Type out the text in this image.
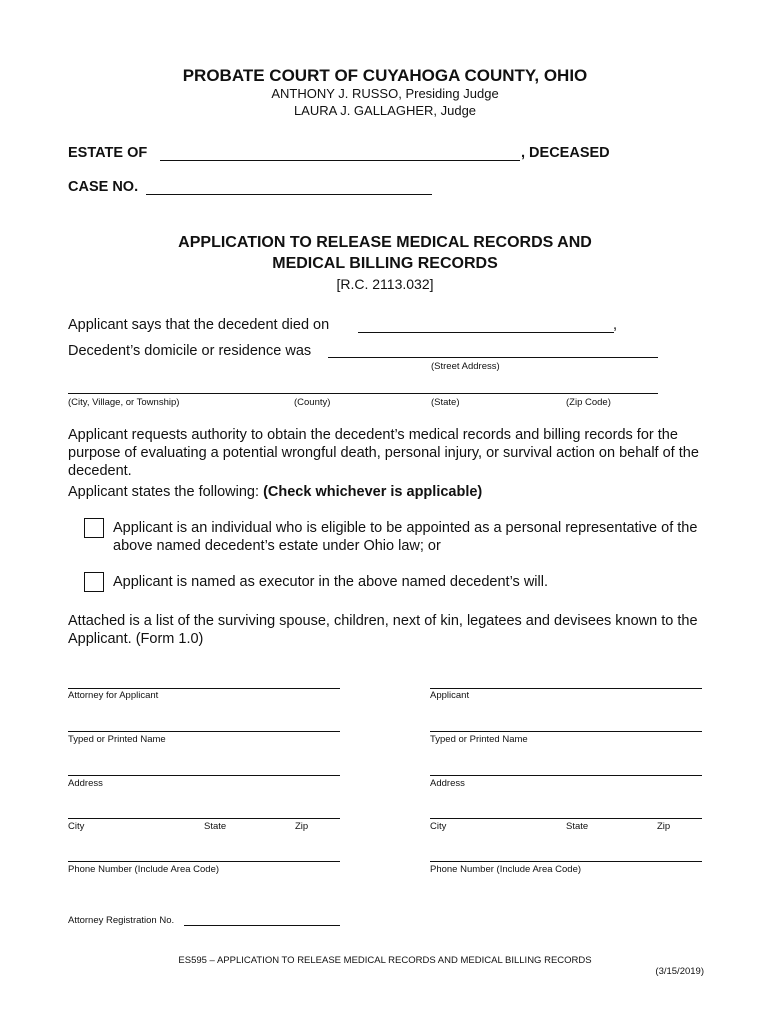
PROBATE COURT OF CUYAHOGA COUNTY, OHIO
ANTHONY J. RUSSO, Presiding Judge
LAURA J. GALLAGHER, Judge
ESTATE OF	, DECEASED
CASE NO.
APPLICATION TO RELEASE MEDICAL RECORDS AND
MEDICAL BILLING RECORDS
[R.C. 2113.032]
Applicant says that the decedent died on	,
Decedent’s domicile or residence was
(Street Address)
(City, Village, or Township)	(County)	(State)	(Zip Code)
Applicant requests authority to obtain the decedent’s medical records and billing records for the purpose of evaluating a potential wrongful death, personal injury, or survival action on behalf of the decedent.
Applicant states the following: (Check whichever is applicable)
Applicant is an individual who is eligible to be appointed as a personal representative of the above named decedent’s estate under Ohio law; or
Applicant is named as executor in the above named decedent’s will.
Attached is a list of the surviving spouse, children, next of kin, legatees and devisees known to the Applicant. (Form 1.0)
Attorney for Applicant
Typed or Printed Name
Address
City	State	Zip
Phone Number (Include Area Code)
Attorney Registration No.
Applicant
Typed or Printed Name
Address
City	State	Zip
Phone Number (Include Area Code)
ES595 – APPLICATION TO RELEASE MEDICAL RECORDS AND MEDICAL BILLING RECORDS
(3/15/2019)
